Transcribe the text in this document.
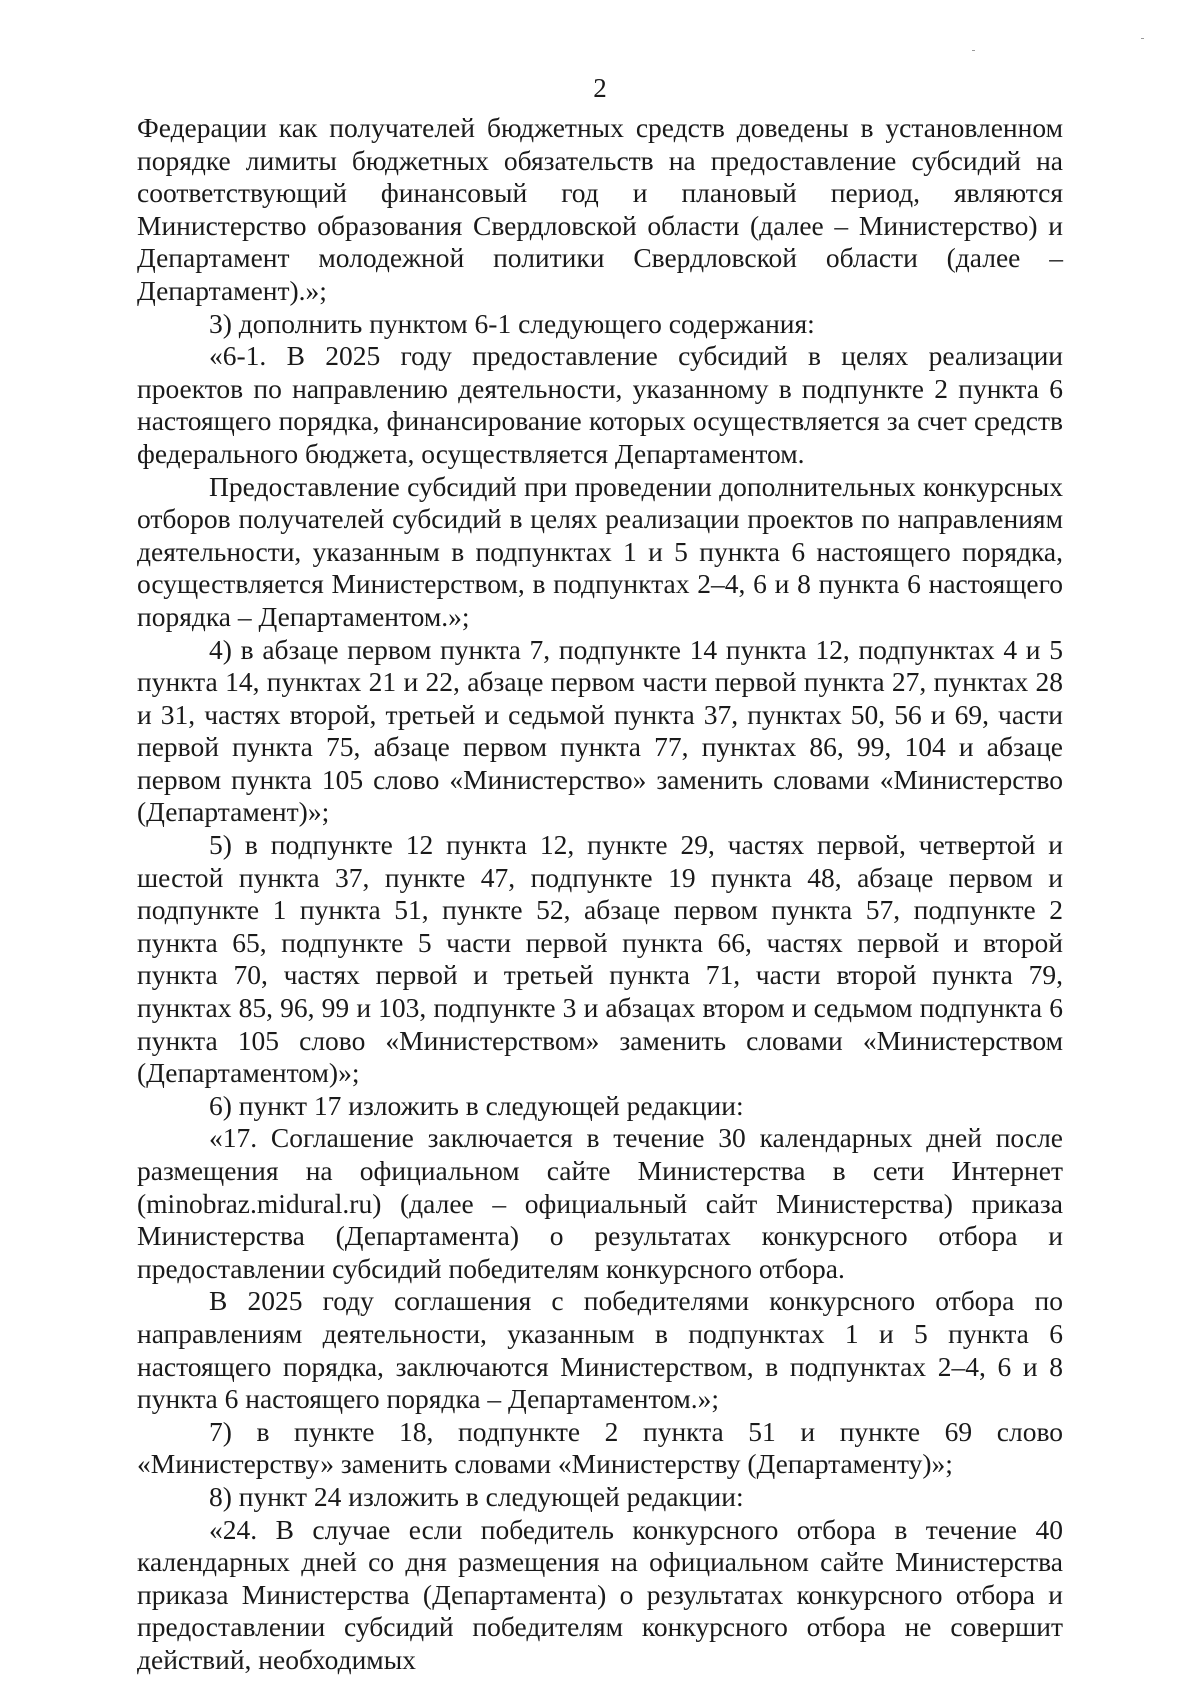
2

Федерации как получателей бюджетных средств доведены в установленном порядке лимиты бюджетных обязательств на предоставление субсидий на соответствующий финансовый год и плановый период, являются Министерство образования Свердловской области (далее – Министерство) и Департамент молодежной политики Свердловской области (далее – Департамент).»;

3) дополнить пунктом 6-1 следующего содержания:

«6-1. В 2025 году предоставление субсидий в целях реализации проектов по направлению деятельности, указанному в подпункте 2 пункта 6 настоящего порядка, финансирование которых осуществляется за счет средств федерального бюджета, осуществляется Департаментом.

Предоставление субсидий при проведении дополнительных конкурсных отборов получателей субсидий в целях реализации проектов по направлениям деятельности, указанным в подпунктах 1 и 5 пункта 6 настоящего порядка, осуществляется Министерством, в подпунктах 2–4, 6 и 8 пункта 6 настоящего порядка – Департаментом.»;

4) в абзаце первом пункта 7, подпункте 14 пункта 12, подпунктах 4 и 5 пункта 14, пунктах 21 и 22, абзаце первом части первой пункта 27, пунктах 28 и 31, частях второй, третьей и седьмой пункта 37, пунктах 50, 56 и 69, части первой пункта 75, абзаце первом пункта 77, пунктах 86, 99, 104 и абзаце первом пункта 105 слово «Министерство» заменить словами «Министерство (Департамент)»;

5) в подпункте 12 пункта 12, пункте 29, частях первой, четвертой и шестой пункта 37, пункте 47, подпункте 19 пункта 48, абзаце первом и подпункте 1 пункта 51, пункте 52, абзаце первом пункта 57, подпункте 2 пункта 65, подпункте 5 части первой пункта 66, частях первой и второй пункта 70, частях первой и третьей пункта 71, части второй пункта 79, пунктах 85, 96, 99 и 103, подпункте 3 и абзацах втором и седьмом подпункта 6 пункта 105 слово «Министерством» заменить словами «Министерством (Департаментом)»;

6) пункт 17 изложить в следующей редакции:

«17. Соглашение заключается в течение 30 календарных дней после размещения на официальном сайте Министерства в сети Интернет (minobraz.midural.ru) (далее – официальный сайт Министерства) приказа Министерства (Департамента) о результатах конкурсного отбора и предоставлении субсидий победителям конкурсного отбора.

В 2025 году соглашения с победителями конкурсного отбора по направлениям деятельности, указанным в подпунктах 1 и 5 пункта 6 настоящего порядка, заключаются Министерством, в подпунктах 2–4, 6 и 8 пункта 6 настоящего порядка – Департаментом.»;

7) в пункте 18, подпункте 2 пункта 51 и пункте 69 слово «Министерству» заменить словами «Министерству (Департаменту)»;

8) пункт 24 изложить в следующей редакции:

«24. В случае если победитель конкурсного отбора в течение 40 календарных дней со дня размещения на официальном сайте Министерства приказа Министерства (Департамента) о результатах конкурсного отбора и предоставлении субсидий победителям конкурсного отбора не совершит действий, необходимых
